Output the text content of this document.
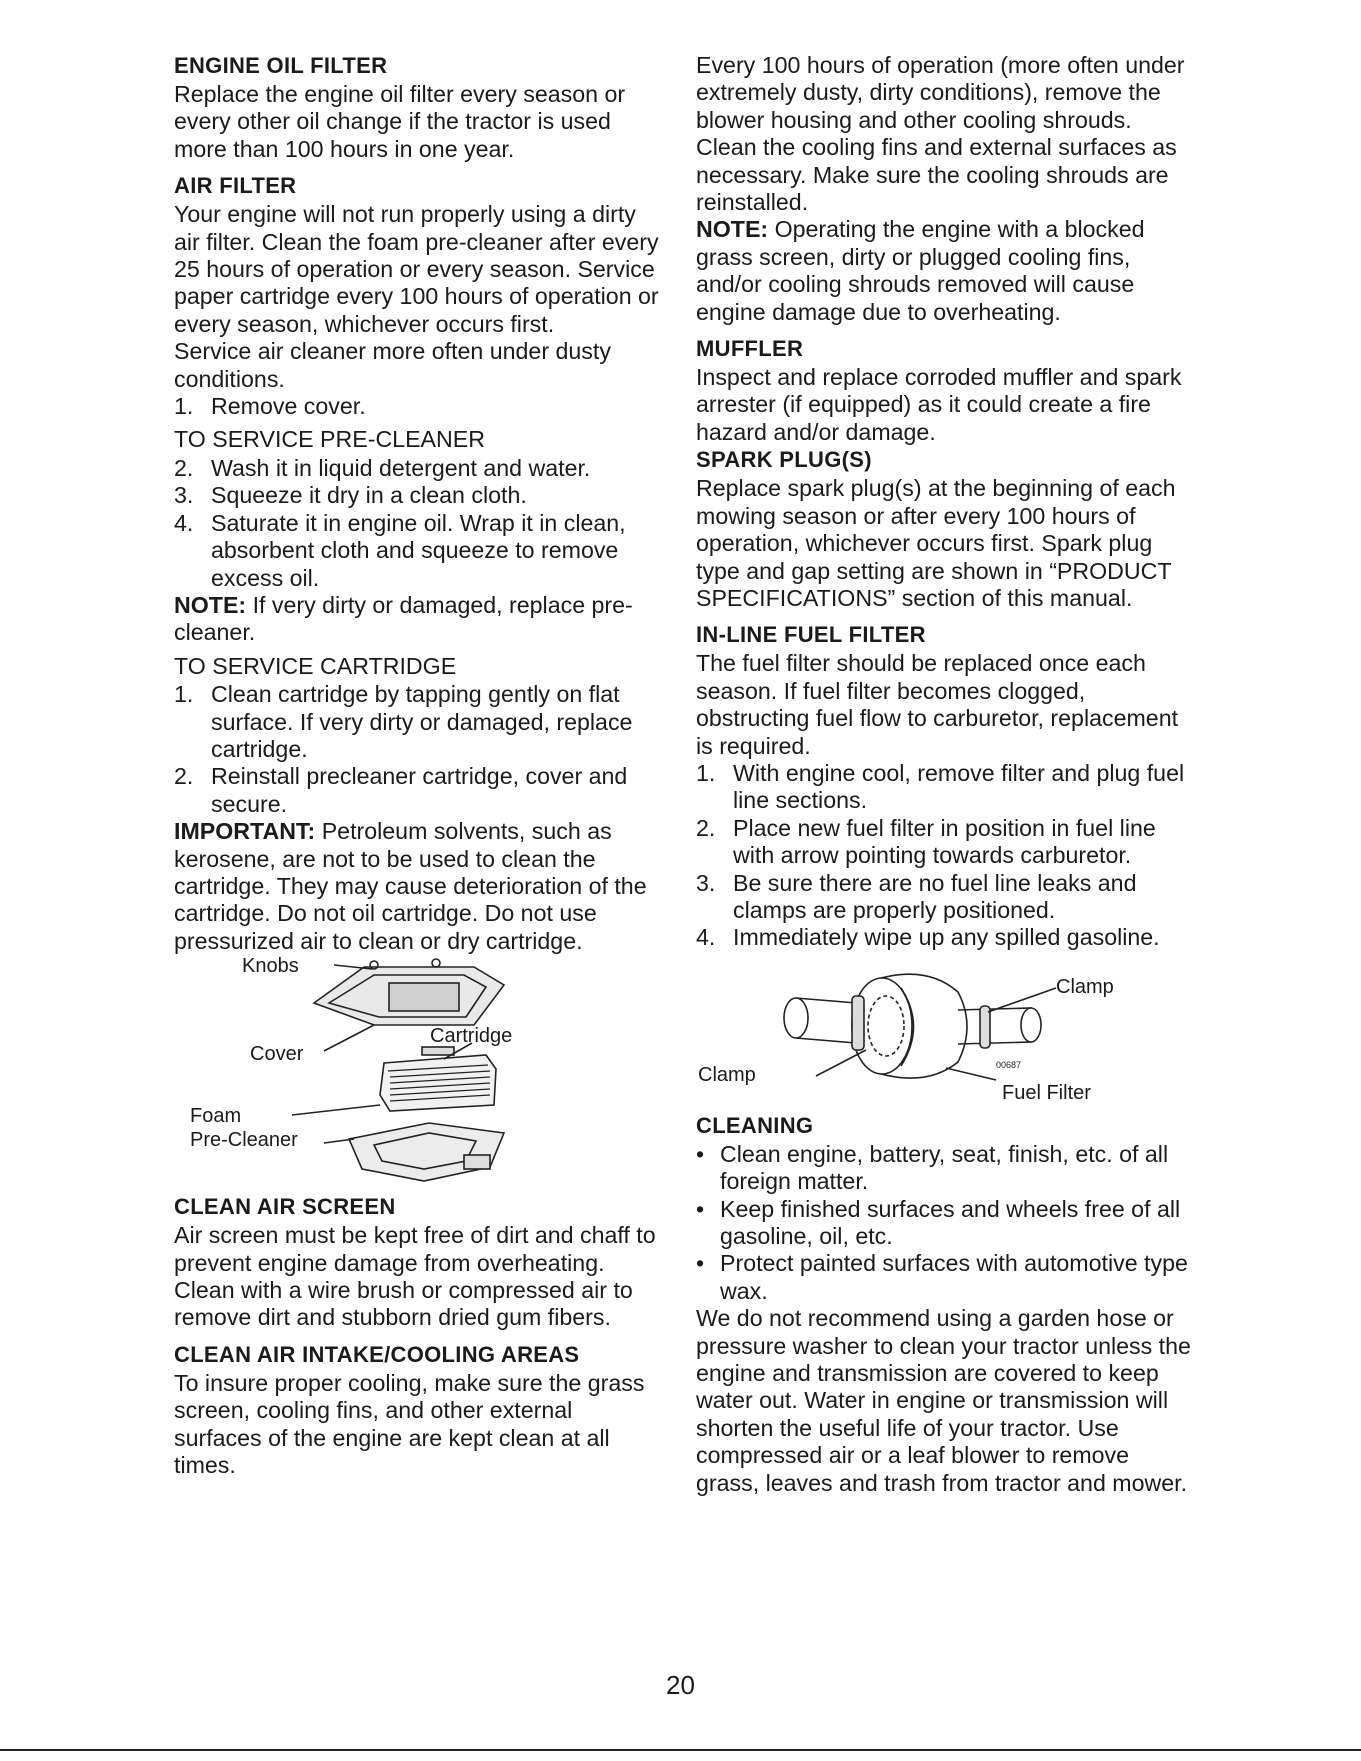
ENGINE OIL FILTER

Replace the engine oil filter every season or every other oil change if the tractor is used more than 100 hours in one year.

AIR FILTER

Your engine will not run properly using a dirty air filter. Clean the foam pre-cleaner after every 25 hours of operation or every season. Service paper cartridge every 100 hours of operation or every season, whichever occurs first.

Service air cleaner more often under dusty conditions.

1. Remove cover.
TO SERVICE PRE-CLEANER
2. Wash it in liquid detergent and water.
3. Squeeze it dry in a clean cloth.
4. Saturate it in engine oil. Wrap it in clean, absorbent cloth and squeeze to remove excess oil.

NOTE: If very dirty or damaged, replace pre-cleaner.

TO SERVICE CARTRIDGE
1. Clean cartridge by tapping gently on flat surface. If very dirty or damaged, replace cartridge.
2. Reinstall precleaner cartridge, cover and secure.

IMPORTANT: Petroleum solvents, such as kerosene, are not to be used to clean the cartridge. They may cause deterioration of the cartridge. Do not oil cartridge. Do not use pressurized air to clean or dry cartridge.

Knobs
Cover
Cartridge
Foam
Pre-Cleaner
CLEAN AIR SCREEN

Air screen must be kept free of dirt and chaff to prevent engine damage from overheating. Clean with a wire brush or compressed air to remove dirt and stubborn dried gum fibers.

CLEAN AIR INTAKE/COOLING AREAS

To insure proper cooling, make sure the grass screen, cooling fins, and other external surfaces of the engine are kept clean at all times.

Every 100 hours of operation (more often under extremely dusty, dirty conditions), remove the blower housing and other cooling shrouds. Clean the cooling fins and external surfaces as necessary. Make sure the cooling shrouds are reinstalled.

NOTE: Operating the engine with a blocked grass screen, dirty or plugged cooling fins, and/or cooling shrouds removed will cause engine damage due to overheating.

MUFFLER

Inspect and replace corroded muffler and spark arrester (if equipped) as it could create a fire hazard and/or damage.

SPARK PLUG(S)

Replace spark plug(s) at the beginning of each mowing season or after every 100 hours of operation, whichever occurs first. Spark plug type and gap setting are shown in “PRODUCT SPECIFICATIONS” section of this manual.

IN-LINE FUEL FILTER

The fuel filter should be replaced once each season. If fuel filter becomes clogged, obstructing fuel flow to carburetor, replacement is required.

1. With engine cool, remove filter and plug fuel line sections.
2. Place new fuel filter in position in fuel line with arrow pointing towards carburetor.
3. Be sure there are no fuel line leaks and clamps are properly positioned.
4. Immediately wipe up any spilled gasoline.
00687
Clamp
Clamp
Fuel Filter
CLEANING
• Clean engine, battery, seat, finish, etc. of all foreign matter.
• Keep finished surfaces and wheels free of all gasoline, oil, etc.
• Protect painted surfaces with automotive type wax.

We do not recommend using a garden hose or pressure washer to clean your tractor unless the engine and transmission are covered to keep water out. Water in engine or transmission will shorten the useful life of your tractor. Use compressed air or a leaf blower to remove grass, leaves and trash from tractor and mower.

20
